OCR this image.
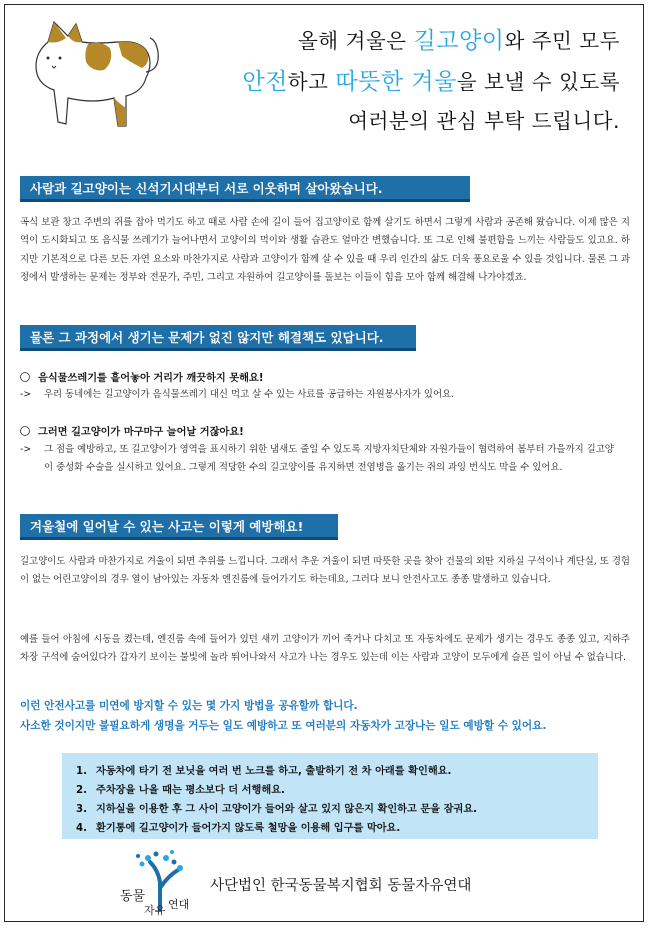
올해 겨울은 길고양이와 주민 모두
안전하고 따뜻한 겨울을 보낼 수 있도록
여러분의 관심 부탁 드립니다.
사람과 길고양이는 신석기시대부터 서로 이웃하며 살아왔습니다.
곡식 보관 창고 주변의 쥐를 잡아 먹기도 하고 때로 사람 손에 길이 들어 집고양이로 함께 살기도 하면서 그렇게 사람과 공존해 왔습니다. 이제 많은 지역이 도시화되고 또 음식물 쓰레기가 늘어나면서 고양이의 먹이와 생활 습관도 얼마간 변했습니다. 또 그로 인해 불편함을 느끼는 사람들도 있고요. 하지만 기본적으로 다른 모든 자연 요소와 마찬가지로 사람과 고양이가 함께 살 수 있을 때 우리 인간의 삶도 더욱 풍요로울 수 있을 것입니다. 물론 그 과정에서 발생하는 문제는 정부와 전문가, 주민, 그리고 자원하여 길고양이를 돌보는 이들이 힘을 모아 함께 해결해 나가야겠죠.
물론 그 과정에서 생기는 문제가 없진 않지만 해결책도 있답니다.
음식물쓰레기를 흩어놓아 거리가 깨끗하지 못해요!
-> 우리 동네에는 길고양이가 음식물쓰레기 대신 먹고 살 수 있는 사료를 공급하는 자원봉사자가 있어요.
그러면 길고양이가 마구마구 늘어날 거잖아요!
-> 그 점을 예방하고, 또 길고양이가 영역을 표시하기 위한 냄새도 줄일 수 있도록 지방자치단체와 자원가들이 협력하여 봄부터 가을까지 길고양이 중성화 수술을 실시하고 있어요. 그렇게 적당한 수의 길고양이를 유지하면 전염병을 옮기는 쥐의 과잉 번식도 막을 수 있어요.
겨울철에 일어날 수 있는 사고는 이렇게 예방해요!
길고양이도 사람과 마찬가지로 겨울이 되면 추위를 느낍니다. 그래서 추운 겨울이 되면 따뜻한 곳을 찾아 건물의 외딴 지하실 구석이나 계단실, 또 경험이 없는 어린고양이의 경우 열이 남아있는 자동차 엔진룸에 들어가기도 하는데요, 그러다 보니 안전사고도 종종 발생하고 있습니다.
예를 들어 아침에 시동을 켰는데, 엔진룸 속에 들어가 있던 새끼 고양이가 끼어 죽거나 다치고 또 자동차에도 문제가 생기는 경우도 종종 있고, 지하주차장 구석에 숨어있다가 갑자기 보이는 불빛에 놀라 뛰어나와서 사고가 나는 경우도 있는데 이는 사람과 고양이 모두에게 슬픈 일이 아닐 수 없습니다.
이런 안전사고를 미연에 방지할 수 있는 몇 가지 방법을 공유할까 합니다.
사소한 것이지만 불필요하게 생명을 거두는 일도 예방하고 또 여러분의 자동차가 고장나는 일도 예방할 수 있어요.
1. 자동차에 타기 전 보닛을 여러 번 노크를 하고, 출발하기 전 차 아래를 확인해요.
2. 주차장을 나올 때는 평소보다 더 서행해요.
3. 지하실을 이용한 후 그 사이 고양이가 들어와 살고 있지 않은지 확인하고 문을 잠궈요.
4. 환기통에 길고양이가 들어가지 않도록 철망을 이용해 입구를 막아요.
동물
자유 연대
사단법인 한국동물복지협회 동물자유연대
